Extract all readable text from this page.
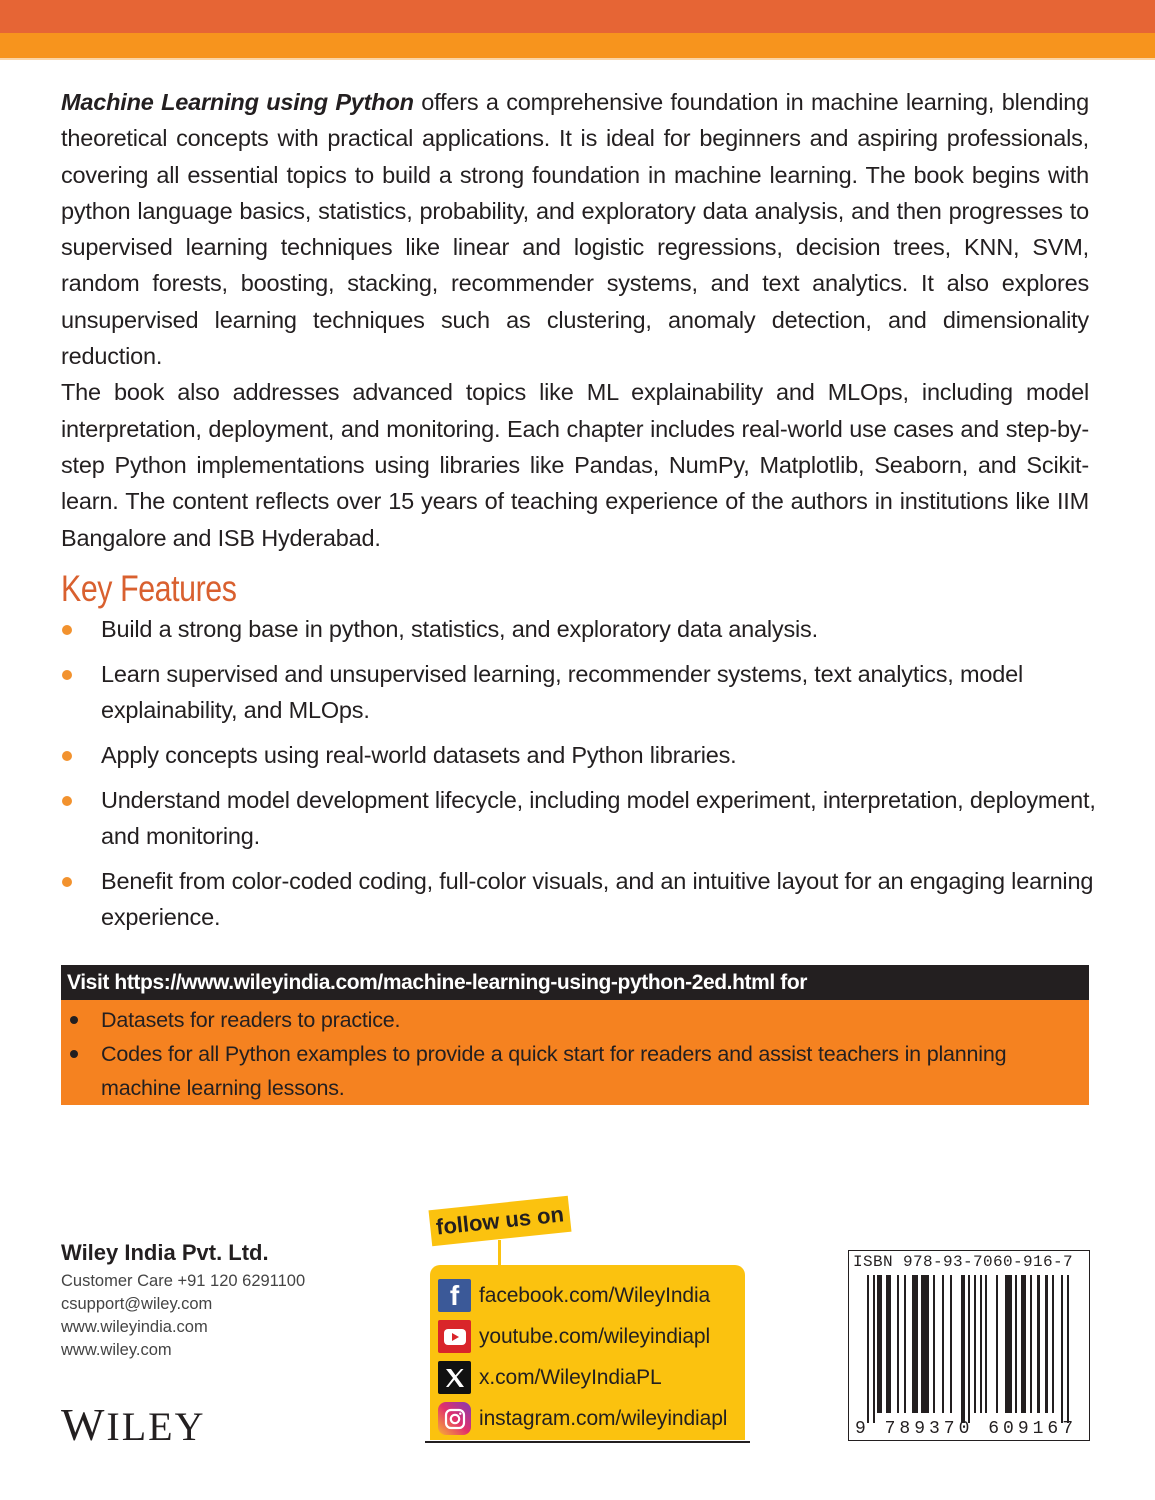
Machine Learning using Python offers a comprehensive foundation in machine learning, blending theoretical concepts with practical applications. It is ideal for beginners and aspiring professionals, covering all essential topics to build a strong foundation in machine learning. The book begins with python language basics, statistics, probability, and exploratory data analysis, and then progresses to supervised learning techniques like linear and logistic regressions, decision trees, KNN, SVM, random forests, boosting, stacking, recommender systems, and text analytics. It also explores unsupervised learning techniques such as clustering, anomaly detection, and dimensionality reduction.

The book also addresses advanced topics like ML explainability and MLOps, including model interpretation, deployment, and monitoring. Each chapter includes real-world use cases and step-by-step Python implementations using libraries like Pandas, NumPy, Matplotlib, Seaborn, and Scikit-learn. The content reflects over 15 years of teaching experience of the authors in institutions like IIM Bangalore and ISB Hyderabad.

Key Features
Build a strong base in python, statistics, and exploratory data analysis.
Learn supervised and unsupervised learning, recommender systems, text analytics, model explainability, and MLOps.
Apply concepts using real-world datasets and Python libraries.
Understand model development lifecycle, including model experiment, interpretation, deployment, and monitoring.
Benefit from color-coded coding, full-color visuals, and an intuitive layout for an engaging learning experience.
Visit https://www.wileyindia.com/machine-learning-using-python-2ed.html for
Datasets for readers to practice.
Codes for all Python examples to provide a quick start for readers and assist teachers in planning machine learning lessons.
Wiley India Pvt. Ltd.
Customer Care +91 120 6291100
csupport@wiley.com
www.wileyindia.com
www.wiley.com
WILEY
follow us on
f facebook.com/WileyIndia
youtube.com/wileyindiapl
x.com/WileyIndiaPL
instagram.com/wileyindiapl
ISBN 978-93-7060-916-7
9 789370 609167
